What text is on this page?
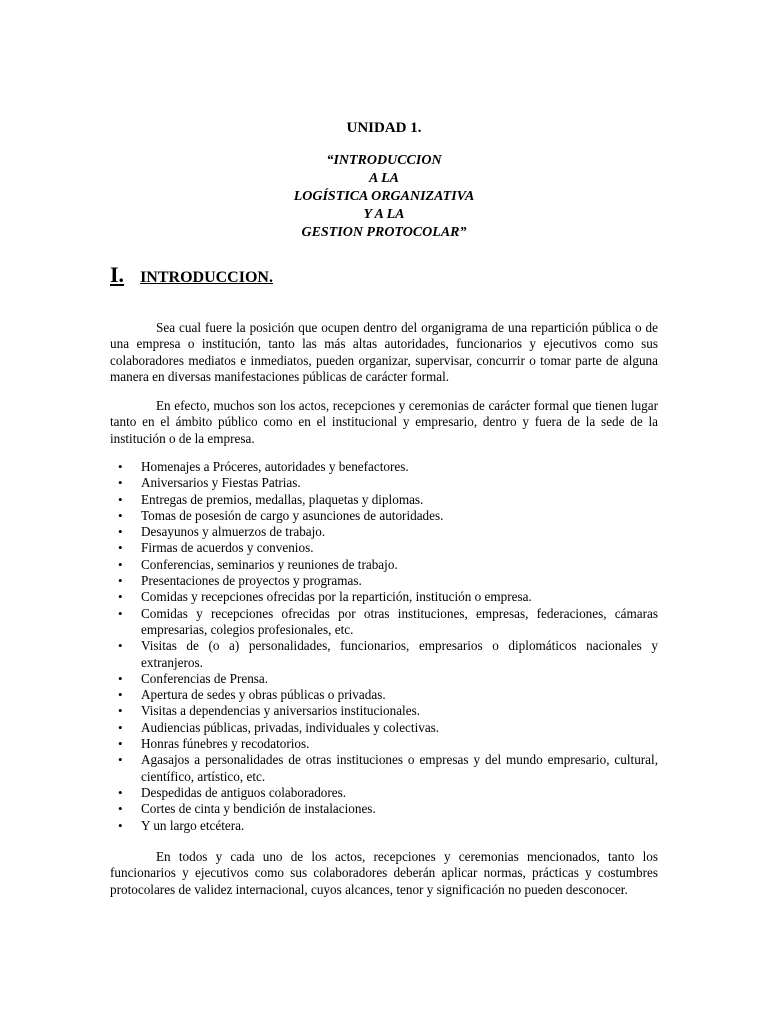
UNIDAD 1.
“INTRODUCCION
A LA
LOGÍSTICA ORGANIZATIVA
Y A LA
GESTION PROTOCOLAR”
I. INTRODUCCION.

Sea cual fuere la posición que ocupen dentro del organigrama de una repartición pública o de una empresa o institución, tanto las más altas autoridades, funcionarios y ejecutivos como sus colaboradores mediatos e inmediatos, pueden organizar, supervisar, concurrir o tomar parte de alguna manera en diversas manifestaciones públicas de carácter formal.

En efecto, muchos son los actos, recepciones y ceremonias de carácter formal que tienen lugar tanto en el ámbito público como en el institucional y empresario, dentro y fuera de la sede de la institución o de la empresa.

• Homenajes a Próceres, autoridades y benefactores.
• Aniversarios y Fiestas Patrias.
• Entregas de premios, medallas, plaquetas y diplomas.
• Tomas de posesión de cargo y asunciones de autoridades.
• Desayunos y almuerzos de trabajo.
• Firmas de acuerdos y convenios.
• Conferencias, seminarios y reuniones de trabajo.
• Presentaciones de proyectos y programas.
• Comidas y recepciones ofrecidas por la repartición, institución o empresa.
• Comidas y recepciones ofrecidas por otras instituciones, empresas, federaciones, cámaras empresarias, colegios profesionales, etc.
• Visitas de (o a) personalidades, funcionarios, empresarios o diplomáticos nacionales y extranjeros.
• Conferencias de Prensa.
• Apertura de sedes y obras públicas o privadas.
• Visitas a dependencias y aniversarios institucionales.
• Audiencias públicas, privadas, individuales y colectivas.
• Honras fúnebres y recodatorios.
• Agasajos a personalidades de otras instituciones o empresas y del mundo empresario, cultural, científico, artístico, etc.
• Despedidas de antiguos colaboradores.
• Cortes de cinta y bendición de instalaciones.
• Y un largo etcétera.

En todos y cada uno de los actos, recepciones y ceremonias mencionados, tanto los funcionarios y ejecutivos como sus colaboradores deberán aplicar normas, prácticas y costumbres protocolares de validez internacional, cuyos alcances, tenor y significación no pueden desconocer.
